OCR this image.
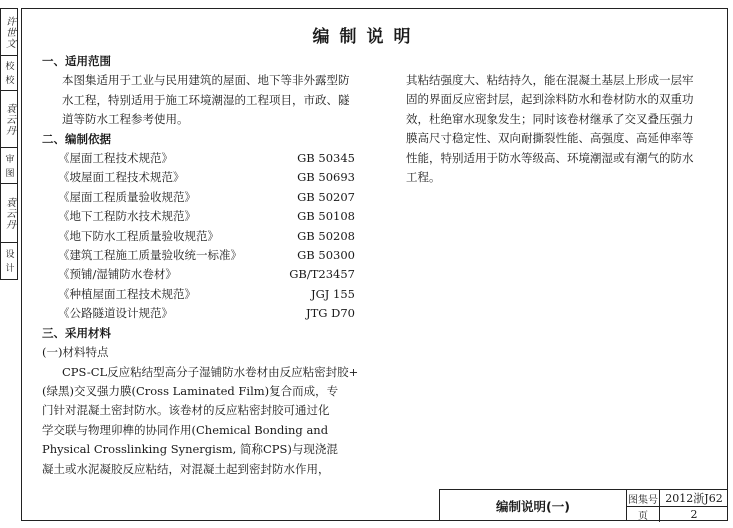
许世文
校 校
袁云丹
审 图
袁云丹
设 计
编制说明

一、适用范围

本图集适用于工业与民用建筑的屋面、地下等非外露型防

水工程，特别适用于施工环境潮湿的工程项目，市政、隧

道等防水工程参考使用。

二、编制依据

《屋面工程技术规范》	GB 50345
《坡屋面工程技术规范》	GB 50693
《屋面工程质量验收规范》	GB 50207
《地下工程防水技术规范》	GB 50108
《地下防水工程质量验收规范》	GB 50208
《建筑工程施工质量验收统一标准》	GB 50300
《预铺/湿铺防水卷材》	GB/T23457
《种植屋面工程技术规范》	JGJ 155
《公路隧道设计规范》	JTG D70

三、采用材料

(一)材料特点

CPS-CL反应粘结型高分子湿铺防水卷材由反应粘密封胶+

(绿黑)交叉强力膜(Cross Laminated Film)复合而成，专

门针对混凝土密封防水。该卷材的反应粘密封胶可通过化

学交联与物理卯榫的协同作用(Chemical Bonding and

Physical Crosslinking Synergism, 简称CPS)与现浇混

凝土或水泥凝胶反应粘结，对混凝土起到密封防水作用，

其粘结强度大、粘结持久，能在混凝土基层上形成一层牢

固的界面反应密封层，起到涂料防水和卷材防水的双重功

效，杜绝窜水现象发生；同时该卷材继承了交叉叠压强力

膜高尺寸稳定性、双向耐撕裂性能、高强度、高延伸率等

性能，特别适用于防水等级高、环境潮湿或有潮气的防水

工程。

编制说明(一)	图集号 2012浙J62
页	2
